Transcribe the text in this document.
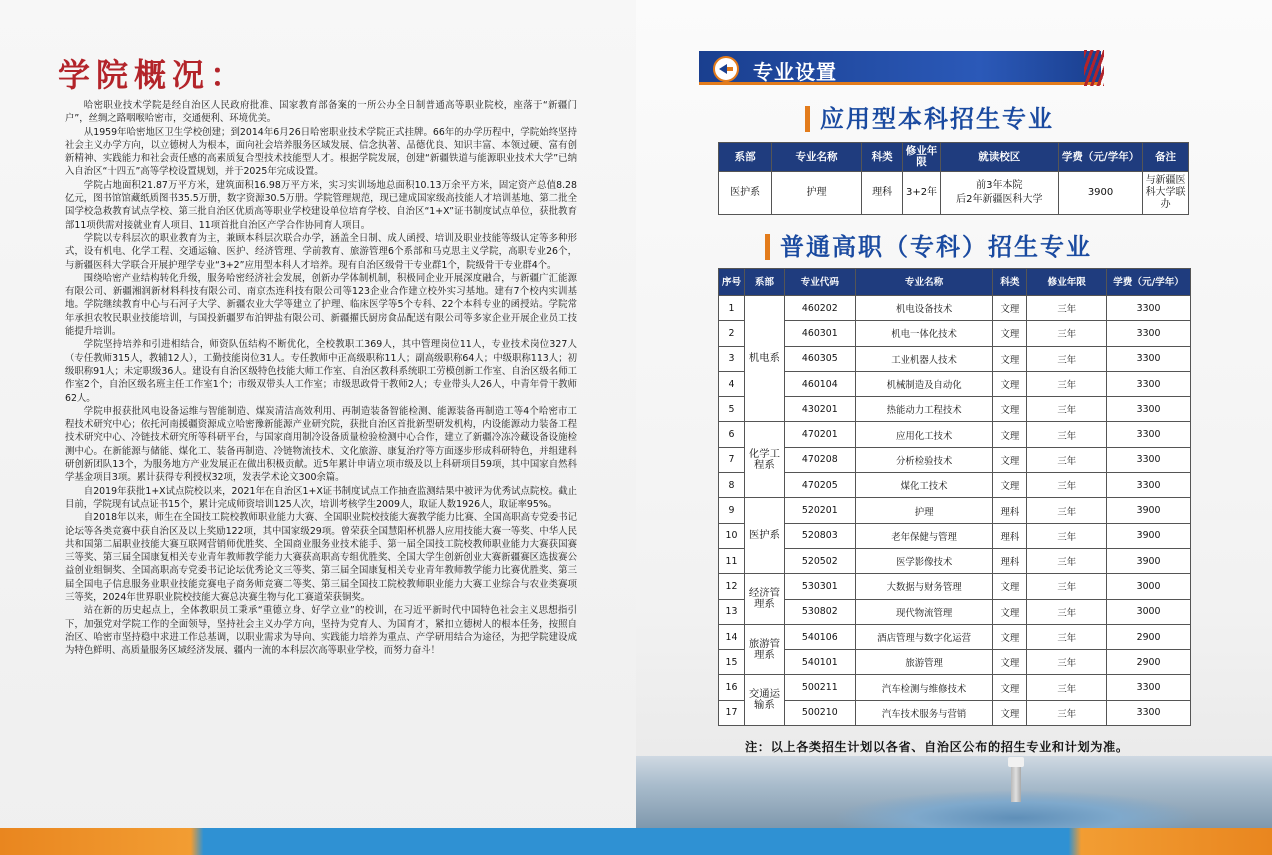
学院概况：

哈密职业技术学院是经自治区人民政府批准、国家教育部备案的一所公办全日制普通高等职业院校，座落于“新疆门户”，丝绸之路咽喉哈密市，交通便利、环境优美。

从1959年哈密地区卫生学校创建；到2014年6月26日哈密职业技术学院正式挂牌。66年的办学历程中，学院始终坚持社会主义办学方向，以立德树人为根本，面向社会培养服务区域发展、信念执著、品德优良、知识丰富、本领过硬、富有创新精神、实践能力和社会责任感的高素质复合型技术技能型人才。根据学院发展，创建“新疆铁道与能源职业技术大学”已纳入自治区“十四五”高等学校设置规划，并于2025年完成设置。

学院占地面积21.87万平方米，建筑面积16.98万平方米，实习实训场地总面积10.13万余平方米，固定资产总值8.28亿元，图书馆馆藏纸质图书35.5万册，数字资源30.5万册。学院管理规范，现已建成国家级高技能人才培训基地、第二批全国学校急救教育试点学校、第三批自治区优质高等职业学校建设单位培育学校、自治区“1+X”证书制度试点单位，获批教育部11项供需对接就业育人项目、11项首批自治区产学合作协同育人项目。

学院以专科层次的职业教育为主，兼顾本科层次联合办学，涵盖全日制、成人函授、培训及职业技能等级认定等多种形式，设有机电、化学工程、交通运输、医护、经济管理、学前教育、旅游管理6个系部和马克思主义学院，高职专业26个，与新疆医科大学联合开展护理学专业“3+2”应用型本科人才培养。现有自治区级骨干专业群1个，院级骨干专业群4个。

围绕哈密产业结构转化升级，服务哈密经济社会发展，创新办学体制机制，积极同企业开展深度融合，与新疆广汇能源有限公司、新疆湘润新材料科技有限公司、南京杰连科技有限公司等123企业合作建立校外实习基地。建有7个校内实训基地。学院继续教育中心与石河子大学、新疆农业大学等建立了护理、临床医学等5个专科、22个本科专业的函授站。学院常年承担农牧民职业技能培训，与国投新疆罗布泊钾盐有限公司、新疆擢氏厨房食品配送有限公司等多家企业开展企业员工技能提升培训。

学院坚持培养和引进相结合，师资队伍结构不断优化，全校教职工369人，其中管理岗位11人，专业技术岗位327人（专任教师315人，教辅12人），工勤技能岗位31人。专任教师中正高级职称11人；副高级职称64人；中级职称113人；初级职称91人；未定职级36人。建设有自治区级特色技能大师工作室、自治区教科系统职工劳模创新工作室、自治区级名师工作室2个，自治区级名班主任工作室1个；市级双带头人工作室；市级思政骨干教师2人；专业带头人26人，中青年骨干教师62人。

学院申报获批风电设备运维与智能制造、煤炭清洁高效利用、再制造装备智能检测、能源装备再制造工等4个哈密市工程技术研究中心；依托河南援疆资源成立哈密豫新能源产业研究院，获批自治区首批新型研发机构，内设能源动力装备工程技术研究中心、冷链技术研究所等科研平台，与国家商用制冷设备质量检验检测中心合作，建立了新疆冷冻冷藏设备设施检测中心。在新能源与储能、煤化工、装备再制造、冷链物流技术、文化旅游、康复治疗等方面逐步形成科研特色，并组建科研创新团队13个，为服务地方产业发展正在做出积极贡献。近5年累计申请立项市级及以上科研项目59项，其中国家自然科学基金项目3项。累计获得专利授权32项，发表学术论文300余篇。

自2019年获批1+X试点院校以来，2021年在自治区1+X证书制度试点工作抽查监测结果中被评为优秀试点院校。截止目前，学院现有试点证书15个，累计完成师资培训125人次，培训考核学生2009人，取证人数1926人，取证率95%。

自2018年以来，师生在全国技工院校教师职业能力大赛、全国职业院校技能大赛教学能力比赛、全国高职高专党委书记论坛等各类竞赛中获自治区及以上奖励122项，其中国家级29项。曾荣获全国慧阳杯机器人应用技能大赛一等奖、中华人民共和国第二届职业技能大赛互联网营销师优胜奖、全国商业服务业技术能手、第一届全国技工院校教师职业能力大赛获国赛三等奖、第三届全国康复相关专业青年教师教学能力大赛获高职高专组优胜奖、全国大学生创新创业大赛新疆赛区选拔赛公益创业组铜奖、全国高职高专党委书记论坛优秀论文三等奖、第三届全国康复相关专业青年教师教学能力比赛优胜奖、第三届全国电子信息服务业职业技能竞赛电子商务师竞赛二等奖、第三届全国技工院校教师职业能力大赛工业综合与农业类赛项三等奖，2024年世界职业院校技能大赛总决赛生物与化工赛道荣获铜奖。

站在新的历史起点上，全体教职员工秉承“重德立身、好学立业”的校训，在习近平新时代中国特色社会主义思想指引下，加强党对学院工作的全面领导，坚持社会主义办学方向，坚持为党育人、为国育才，紧扣立德树人的根本任务，按照自治区、哈密市坚持稳中求进工作总基调，以职业需求为导向、实践能力培养为重点、产学研用结合为途径，为把学院建设成为特色鲜明、高质量服务区域经济发展、疆内一流的本科层次高等职业学校，而努力奋斗！

专业设置
应用型本科招生专业
系部	专业名称	科类	修业年限	就读校区	学费（元/学年）	备注
医护系	护理	理科	3+2年	前3年本院
后2年新疆医科大学	3900	与新疆医科大学联办
普通高职（专科）招生专业
序号	系部	专业代码	专业名称	科类	修业年限	学费（元/学年）
1	机电系	460202	机电设备技术	文理	三年	3300
2		460301	机电一体化技术	文理	三年	3300
3		460305	工业机器人技术	文理	三年	3300
4		460104	机械制造及自动化	文理	三年	3300
5		430201	热能动力工程技术	文理	三年	3300
6	化学工程系	470201	应用化工技术	文理	三年	3300
7		470208	分析检验技术	文理	三年	3300
8		470205	煤化工技术	文理	三年	3300
9	医护系	520201	护理	理科	三年	3900
10		520803	老年保健与管理	理科	三年	3900
11		520502	医学影像技术	理科	三年	3900
12	经济管理系	530301	大数据与财务管理	文理	三年	3000
13		530802	现代物流管理	文理	三年	3000
14	旅游管理系	540106	酒店管理与数字化运营	文理	三年	2900
15		540101	旅游管理	文理	三年	2900
16	交通运输系	500211	汽车检测与维修技术	文理	三年	3300
17		500210	汽车技术服务与营销	文理	三年	3300
注：以上各类招生计划以各省、自治区公布的招生专业和计划为准。
